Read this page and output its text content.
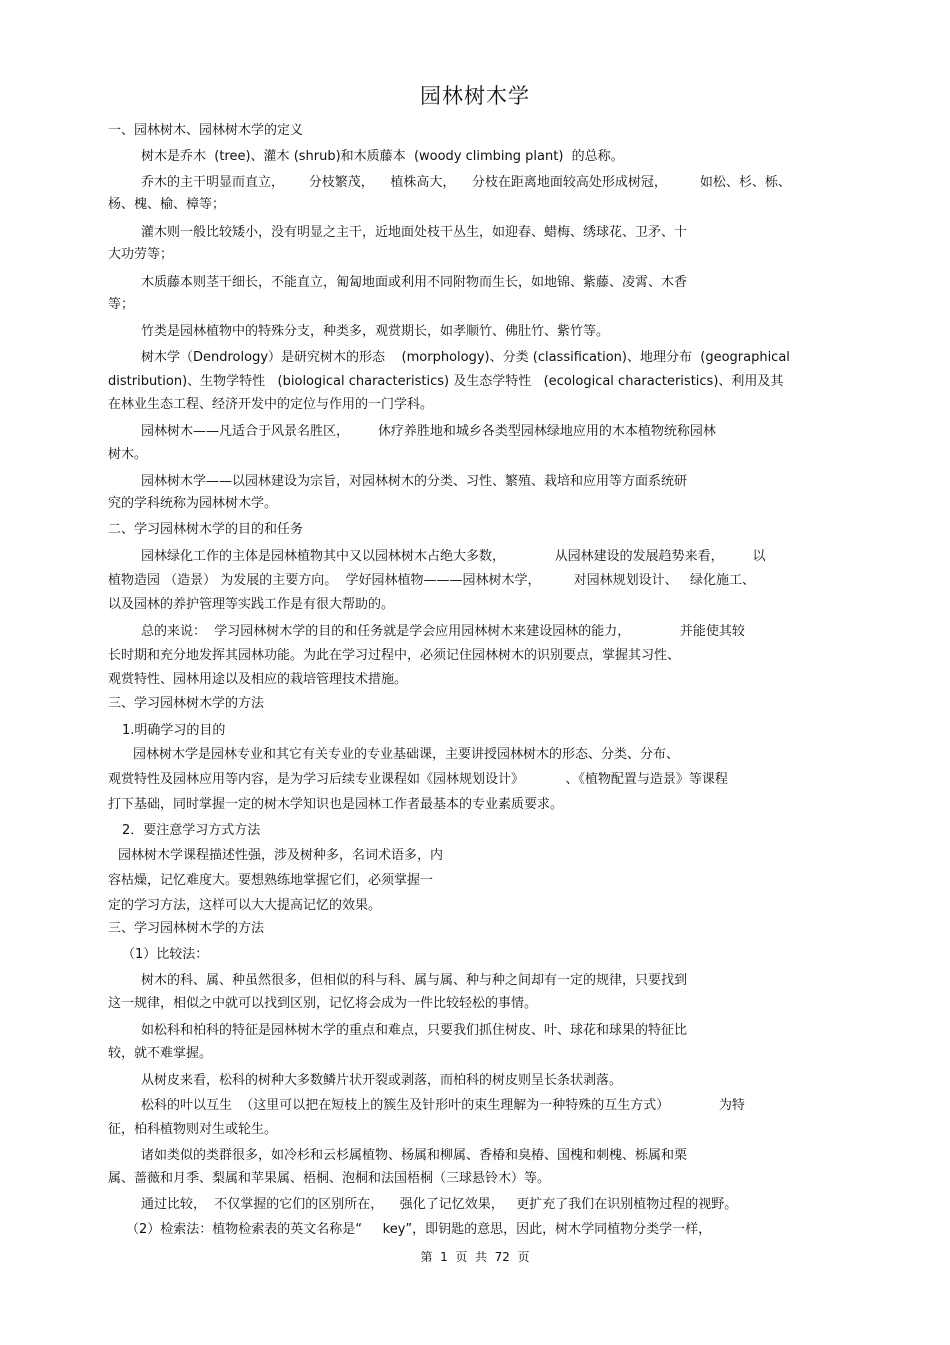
园林树木学
一、园林树木、园林树木学的定义
树木是乔木  (tree)、灌木 (shrub)和木质藤本  (woody climbing plant)  的总称。
乔木的主干明显而直立，      分枝繁茂，    植株高大，    分枝在距离地面较高处形成树冠，        如松、杉、栎、
杨、槐、榆、樟等；
灌木则一般比较矮小，没有明显之主干，近地面处枝干丛生，如迎春、蜡梅、绣球花、卫矛、十
大功劳等；
木质藤本则茎干细长，不能直立，匍匐地面或利用不同附物而生长，如地锦、紫藤、凌霄、木香
等；
竹类是园林植物中的特殊分支，种类多，观赏期长，如孝顺竹、佛肚竹、紫竹等。
树木学（Dendrology）是研究树木的形态    (morphology)、分类 (classification)、地理分布  (geographical
distribution)、生物学特性   (biological characteristics) 及生态学特性   (ecological characteristics)、利用及其
在林业生态工程、经济开发中的定位与作用的一门学科。
园林树木——凡适合于风景名胜区，       休疗养胜地和城乡各类型园林绿地应用的木本植物统称园林
树木。
园林树木学——以园林建设为宗旨，对园林树木的分类、习性、繁殖、栽培和应用等方面系统研
究的学科统称为园林树木学。
二、学习园林树木学的目的和任务
园林绿化工作的主体是园林植物其中又以园林树木占绝大多数，            从园林建设的发展趋势来看，       以
植物造园 （造景） 为发展的主要方向。  学好园林植物———园林树木学，        对园林规划设计、   绿化施工、
以及园林的养护管理等实践工作是有很大帮助的。
总的来说：  学习园林树木学的目的和任务就是学会应用园林树木来建设园林的能力，            并能使其较
长时期和充分地发挥其园林功能。为此在学习过程中，必须记住园林树木的识别要点，掌握其习性、
观赏特性、园林用途以及相应的栽培管理技术措施。
三、学习园林树木学的方法
1.明确学习的目的
园林树木学是园林专业和其它有关专业的专业基础课，主要讲授园林树木的形态、分类、分布、
观赏特性及园林应用等内容，是为学习后续专业课程如《园林规划设计》          、《植物配置与造景》等课程
打下基础，同时掌握一定的树木学知识也是园林工作者最基本的专业素质要求。
2．要注意学习方式方法
园林树木学课程描述性强，涉及树种多，名词术语多，内
容枯燥，记忆难度大。要想熟练地掌握它们，必须掌握一
定的学习方法，这样可以大大提高记忆的效果。
三、学习园林树木学的方法
（1）比较法：
树木的科、属、种虽然很多，但相似的科与科、属与属、种与种之间却有一定的规律，只要找到
这一规律，相似之中就可以找到区别，记忆将会成为一件比较轻松的事情。
如松科和柏科的特征是园林树木学的重点和难点，只要我们抓住树皮、叶、球花和球果的特征比
较，就不难掌握。
从树皮来看，松科的树种大多数鳞片状开裂或剥落，而柏科的树皮则呈长条状剥落。
松科的叶以互生  （这里可以把在短枝上的簇生及针形叶的束生理解为一种特殊的互生方式）            为特
征，柏科植物则对生或轮生。
诸如类似的类群很多，如冷杉和云杉属植物、杨属和柳属、香椿和臭椿、国槐和刺槐、栎属和栗
属、蔷薇和月季、梨属和苹果属、梧桐、泡桐和法国梧桐（三球悬铃木）等。
通过比较，  不仅掌握的它们的区别所在，    强化了记忆效果，   更扩充了我们在识别植物过程的视野。
（2）检索法：植物检索表的英文名称是“     key”，即钥匙的意思，因此，树木学同植物分类学一样，
第  1  页  共  72  页
